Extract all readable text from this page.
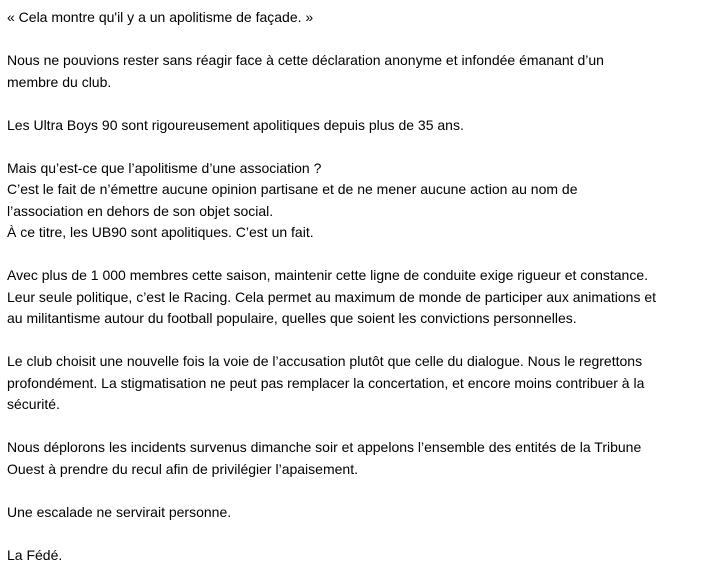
« Cela montre qu'il y a un apolitisme de façade. »

Nous ne pouvions rester sans réagir face à cette déclaration anonyme et infondée émanant d’un
membre du club.

Les Ultra Boys 90 sont rigoureusement apolitiques depuis plus de 35 ans.

Mais qu’est-ce que l’apolitisme d’une association ?
C’est le fait de n’émettre aucune opinion partisane et de ne mener aucune action au nom de
l’association en dehors de son objet social.
À ce titre, les UB90 sont apolitiques. C’est un fait.

Avec plus de 1 000 membres cette saison, maintenir cette ligne de conduite exige rigueur et constance.
Leur seule politique, c’est le Racing. Cela permet au maximum de monde de participer aux animations et
au militantisme autour du football populaire, quelles que soient les convictions personnelles.

Le club choisit une nouvelle fois la voie de l’accusation plutôt que celle du dialogue. Nous le regrettons
profondément. La stigmatisation ne peut pas remplacer la concertation, et encore moins contribuer à la
sécurité.

Nous déplorons les incidents survenus dimanche soir et appelons l’ensemble des entités de la Tribune
Ouest à prendre du recul afin de privilégier l’apaisement.

Une escalade ne servirait personne.

La Fédé.
